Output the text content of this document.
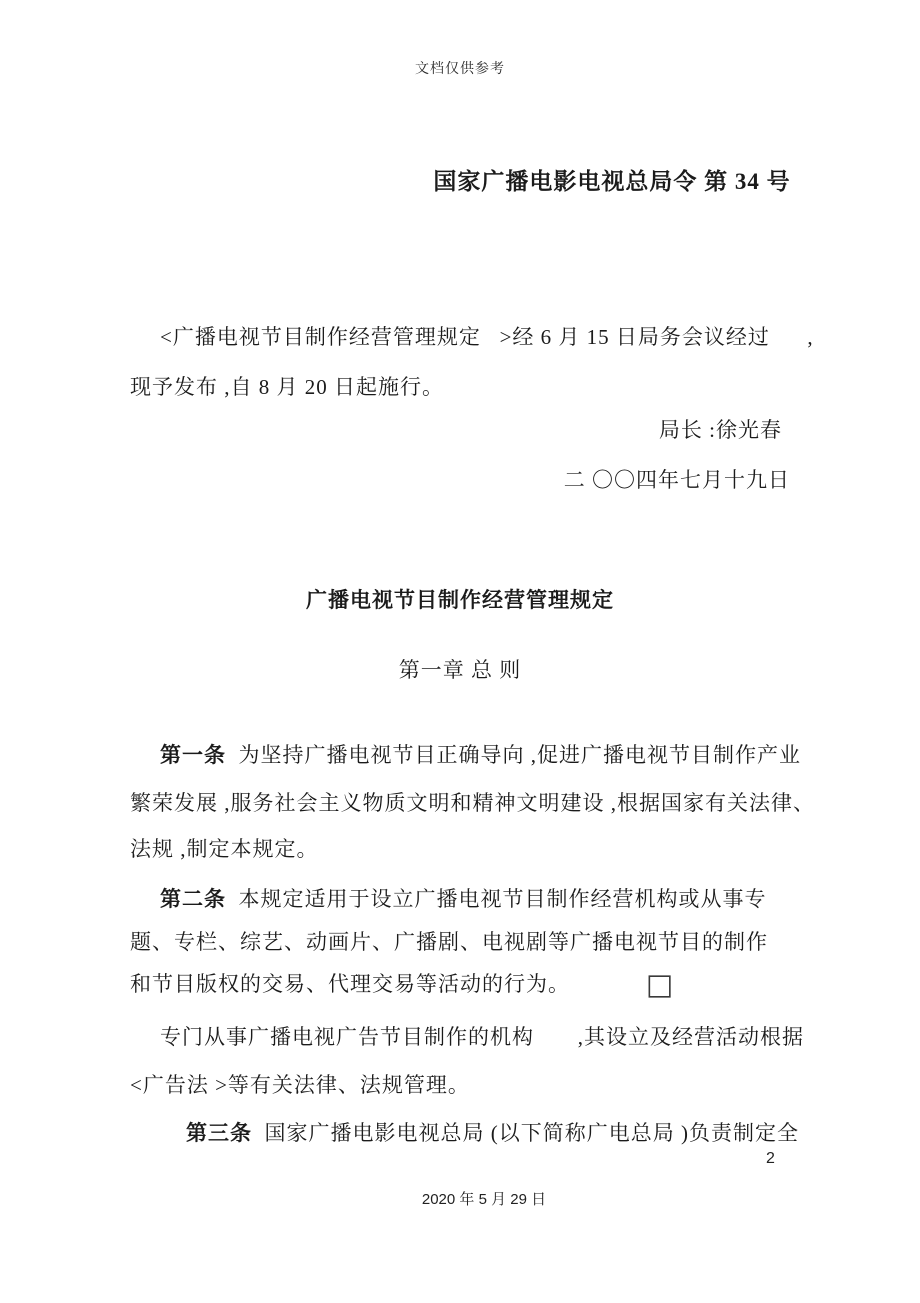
文档仅供参考
国家广播电影电视总局令 第 34 号
<广播电视节目制作经营管理规定   >经 6 月 15 日局务会议经过      ,
现予发布 ,自 8 月 20 日起施行。
局长 :徐光春
二 〇〇四年七月十九日
广播电视节目制作经营管理规定
第一章 总 则
第一条  为坚持广播电视节目正确导向 ,促进广播电视节目制作产业
繁荣发展 ,服务社会主义物质文明和精神文明建设 ,根据国家有关法律、
法规 ,制定本规定。
第二条  本规定适用于设立广播电视节目制作经营机构或从事专
题、专栏、综艺、动画片、广播剧、电视剧等广播电视节目的制作
和节目版权的交易、代理交易等活动的行为。	□
专门从事广播电视广告节目制作的机构       ,其设立及经营活动根据
<广告法 >等有关法律、法规管理。
第三条  国家广播电影电视总局 (以下简称广电总局 )负责制定全
2
2020 年 5 月 29 日
